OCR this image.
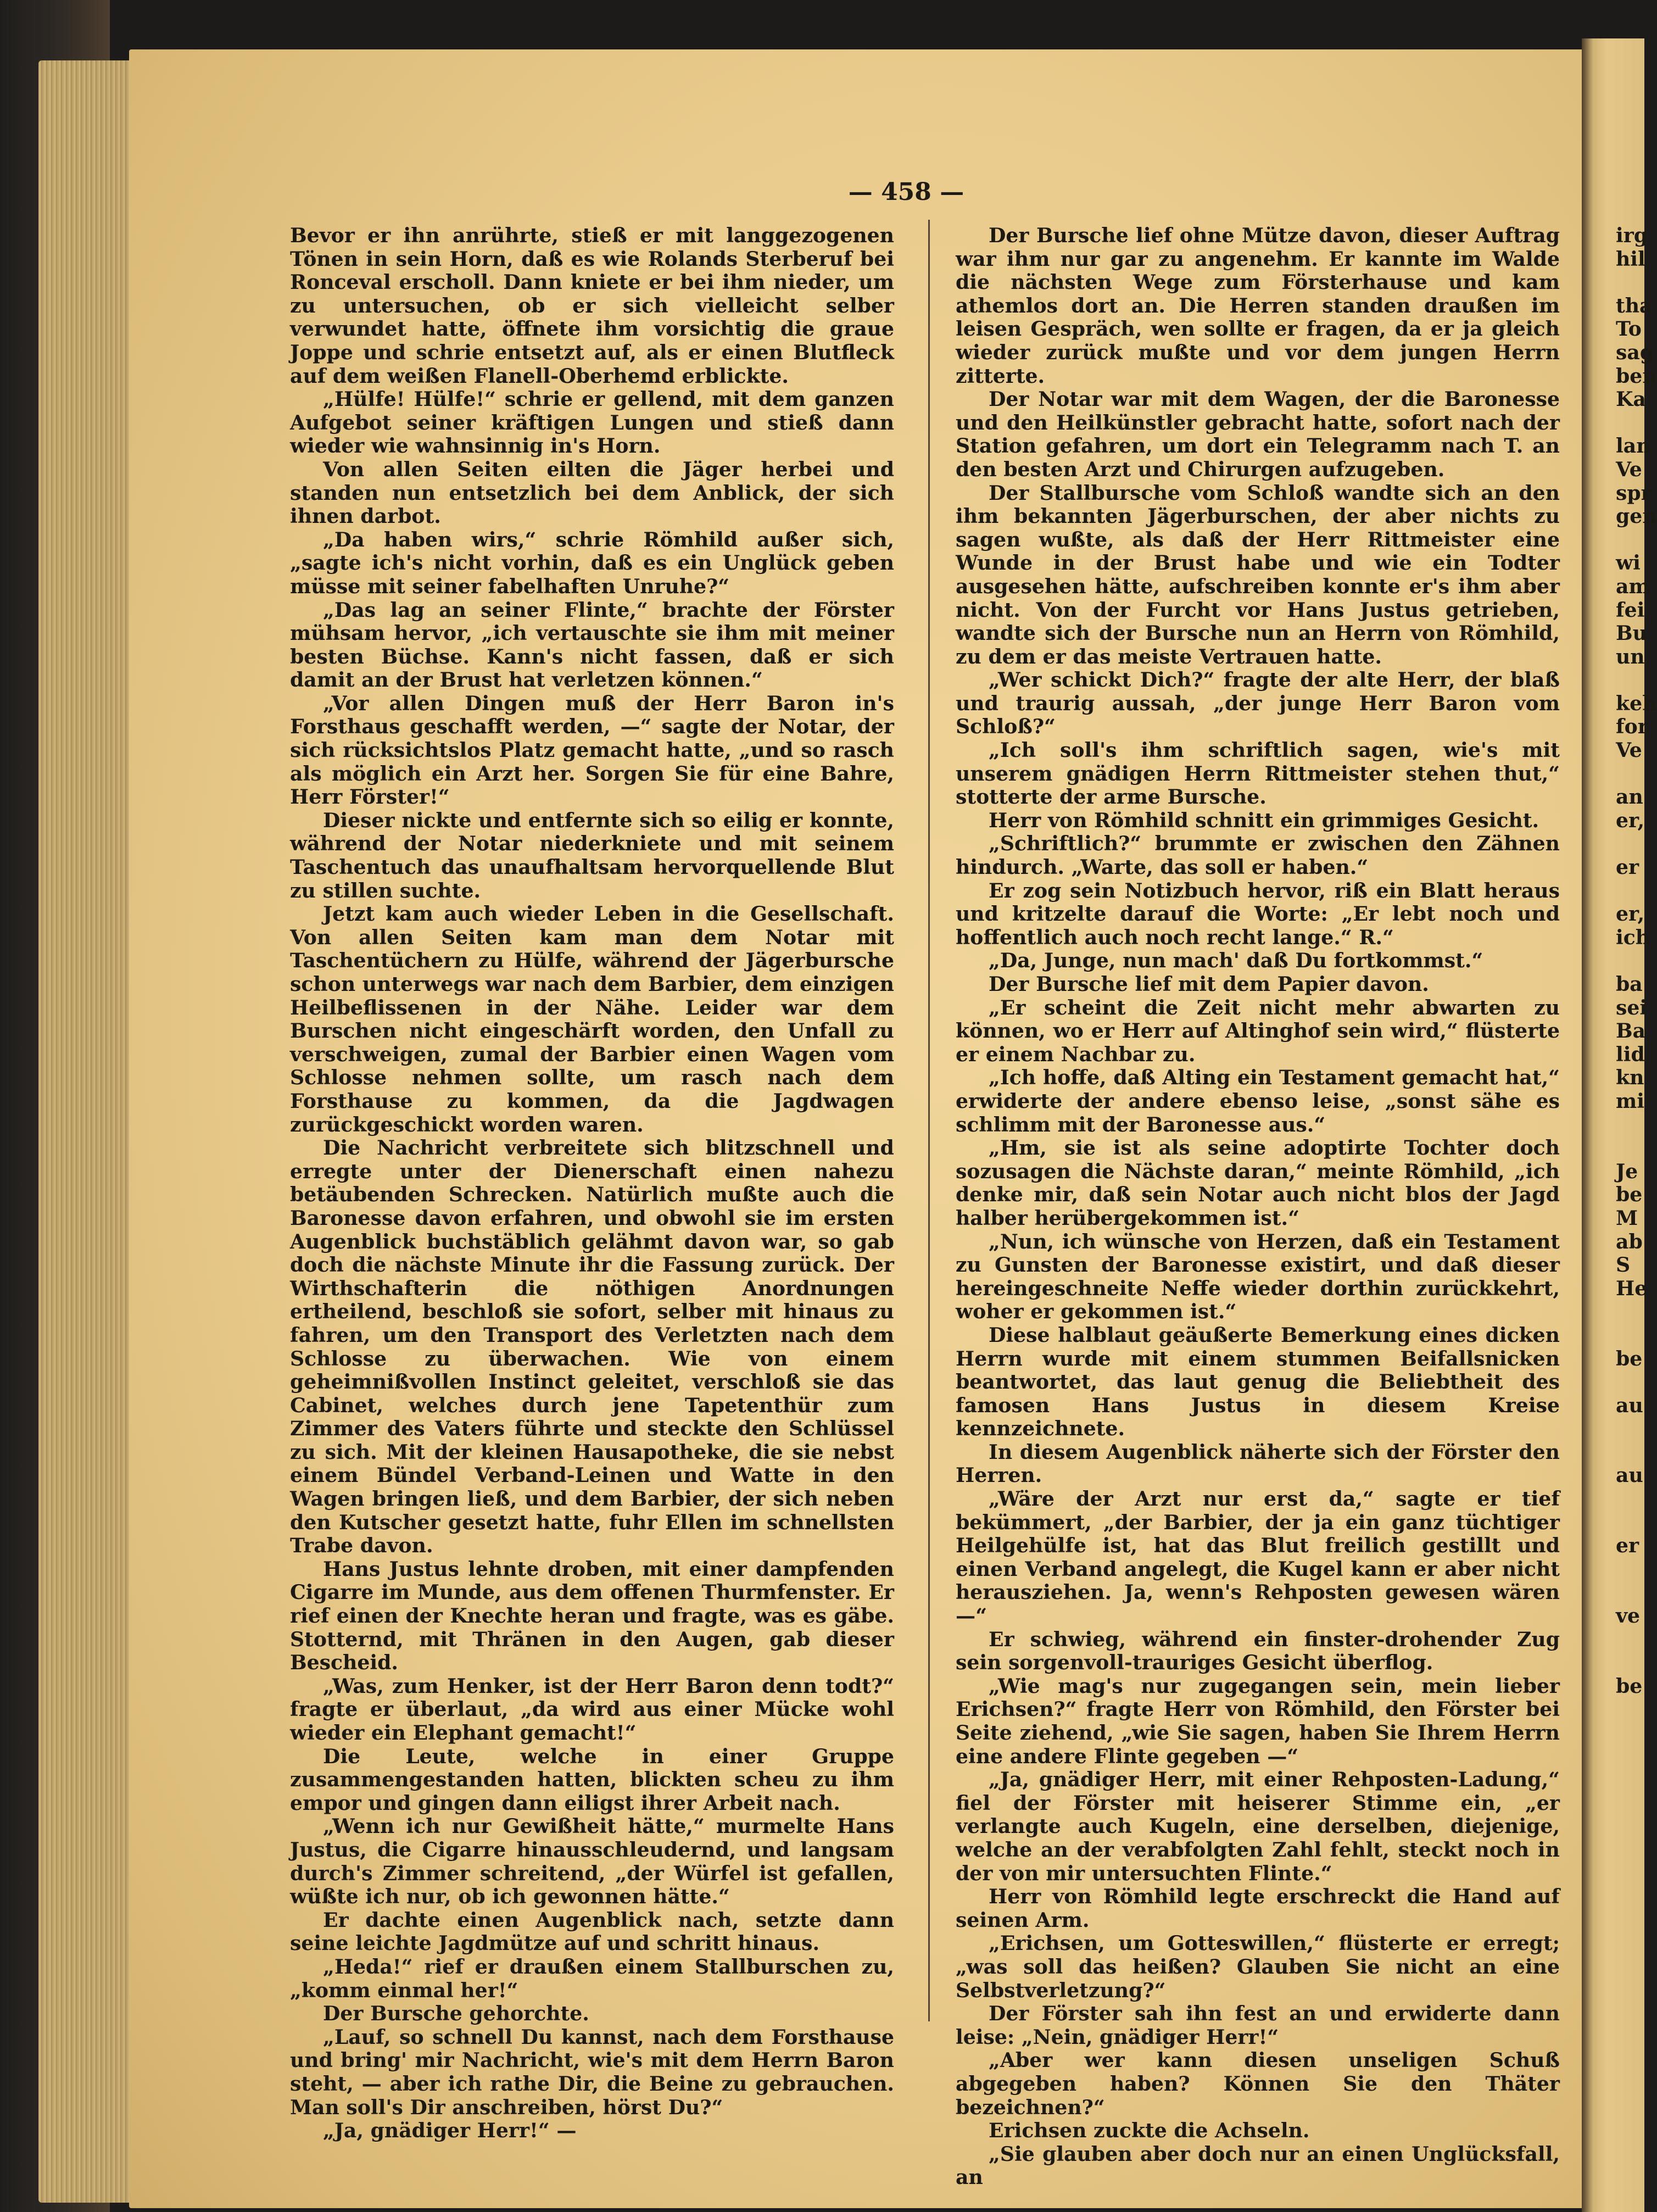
— 458 —

Bevor er ihn anrührte, stieß er mit langgezogenen Tönen in sein Horn, daß es wie Rolands Sterberuf bei Ronceval erscholl. Dann kniete er bei ihm nieder, um zu untersuchen, ob er sich vielleicht selber verwundet hatte, öffnete ihm vorsichtig die graue Joppe und schrie entsetzt auf, als er einen Blutfleck auf dem weißen Flanell-Oberhemd erblickte.

„Hülfe! Hülfe!“ schrie er gellend, mit dem ganzen Aufgebot seiner kräftigen Lungen und stieß dann wieder wie wahnsinnig in's Horn.

Von allen Seiten eilten die Jäger herbei und standen nun entsetzlich bei dem Anblick, der sich ihnen darbot.

„Da haben wirs,“ schrie Römhild außer sich, „sagte ich's nicht vorhin, daß es ein Unglück geben müsse mit seiner fabelhaften Unruhe?“

„Das lag an seiner Flinte,“ brachte der Förster mühsam hervor, „ich vertauschte sie ihm mit meiner besten Büchse. Kann's nicht fassen, daß er sich damit an der Brust hat verletzen können.“

„Vor allen Dingen muß der Herr Baron in's Forsthaus geschafft werden, —“ sagte der Notar, der sich rücksichtslos Platz gemacht hatte, „und so rasch als möglich ein Arzt her. Sorgen Sie für eine Bahre, Herr Förster!“

Dieser nickte und entfernte sich so eilig er konnte, während der Notar niederkniete und mit seinem Taschentuch das unaufhaltsam hervorquellende Blut zu stillen suchte.

Jetzt kam auch wieder Leben in die Gesellschaft. Von allen Seiten kam man dem Notar mit Taschentüchern zu Hülfe, während der Jägerbursche schon unterwegs war nach dem Barbier, dem einzigen Heilbeflissenen in der Nähe. Leider war dem Burschen nicht eingeschärft worden, den Unfall zu verschweigen, zumal der Barbier einen Wagen vom Schlosse nehmen sollte, um rasch nach dem Forsthause zu kommen, da die Jagdwagen zurückgeschickt worden waren.

Die Nachricht verbreitete sich blitzschnell und erregte unter der Dienerschaft einen nahezu betäubenden Schrecken. Natürlich mußte auch die Baronesse davon erfahren, und obwohl sie im ersten Augenblick buchstäblich gelähmt davon war, so gab doch die nächste Minute ihr die Fassung zurück. Der Wirthschafterin die nöthigen Anordnungen ertheilend, beschloß sie sofort, selber mit hinaus zu fahren, um den Transport des Verletzten nach dem Schlosse zu überwachen. Wie von einem geheimnißvollen Instinct geleitet, verschloß sie das Cabinet, welches durch jene Tapetenthür zum Zimmer des Vaters führte und steckte den Schlüssel zu sich. Mit der kleinen Hausapotheke, die sie nebst einem Bündel Verband-Leinen und Watte in den Wagen bringen ließ, und dem Barbier, der sich neben den Kutscher gesetzt hatte, fuhr Ellen im schnellsten Trabe davon.

Hans Justus lehnte droben, mit einer dampfenden Cigarre im Munde, aus dem offenen Thurmfenster. Er rief einen der Knechte heran und fragte, was es gäbe. Stotternd, mit Thränen in den Augen, gab dieser Bescheid.

„Was, zum Henker, ist der Herr Baron denn todt?“ fragte er überlaut, „da wird aus einer Mücke wohl wieder ein Elephant gemacht!“

Die Leute, welche in einer Gruppe zusammengestanden hatten, blickten scheu zu ihm empor und gingen dann eiligst ihrer Arbeit nach.

„Wenn ich nur Gewißheit hätte,“ murmelte Hans Justus, die Cigarre hinausschleudernd, und langsam durch's Zimmer schreitend, „der Würfel ist gefallen, wüßte ich nur, ob ich gewonnen hätte.“

Er dachte einen Augenblick nach, setzte dann seine leichte Jagdmütze auf und schritt hinaus.

„Heda!“ rief er draußen einem Stallburschen zu, „komm einmal her!“

Der Bursche gehorchte.

„Lauf, so schnell Du kannst, nach dem Forsthause und bring' mir Nachricht, wie's mit dem Herrn Baron steht, — aber ich rathe Dir, die Beine zu gebrauchen. Man soll's Dir anschreiben, hörst Du?“

„Ja, gnädiger Herr!“ —

Der Bursche lief ohne Mütze davon, dieser Auftrag war ihm nur gar zu angenehm. Er kannte im Walde die nächsten Wege zum Försterhause und kam athemlos dort an. Die Herren standen draußen im leisen Gespräch, wen sollte er fragen, da er ja gleich wieder zurück mußte und vor dem jungen Herrn zitterte.

Der Notar war mit dem Wagen, der die Baronesse und den Heilkünstler gebracht hatte, sofort nach der Station gefahren, um dort ein Telegramm nach T. an den besten Arzt und Chirurgen aufzugeben.

Der Stallbursche vom Schloß wandte sich an den ihm bekannten Jägerburschen, der aber nichts zu sagen wußte, als daß der Herr Rittmeister eine Wunde in der Brust habe und wie ein Todter ausgesehen hätte, aufschreiben konnte er's ihm aber nicht. Von der Furcht vor Hans Justus getrieben, wandte sich der Bursche nun an Herrn von Römhild, zu dem er das meiste Vertrauen hatte.

„Wer schickt Dich?“ fragte der alte Herr, der blaß und traurig aussah, „der junge Herr Baron vom Schloß?“

„Ich soll's ihm schriftlich sagen, wie's mit unserem gnädigen Herrn Rittmeister stehen thut,“ stotterte der arme Bursche.

Herr von Römhild schnitt ein grimmiges Gesicht.

„Schriftlich?“ brummte er zwischen den Zähnen hindurch. „Warte, das soll er haben.“

Er zog sein Notizbuch hervor, riß ein Blatt heraus und kritzelte darauf die Worte: „Er lebt noch und hoffentlich auch noch recht lange.“ R.“

„Da, Junge, nun mach' daß Du fortkommst.“

Der Bursche lief mit dem Papier davon.

„Er scheint die Zeit nicht mehr abwarten zu können, wo er Herr auf Altinghof sein wird,“ flüsterte er einem Nachbar zu.

„Ich hoffe, daß Alting ein Testament gemacht hat,“ erwiderte der andere ebenso leise, „sonst sähe es schlimm mit der Baronesse aus.“

„Hm, sie ist als seine adoptirte Tochter doch sozusagen die Nächste daran,“ meinte Römhild, „ich denke mir, daß sein Notar auch nicht blos der Jagd halber herübergekommen ist.“

„Nun, ich wünsche von Herzen, daß ein Testament zu Gunsten der Baronesse existirt, und daß dieser hereingeschneite Neffe wieder dorthin zurückkehrt, woher er gekommen ist.“

Diese halblaut geäußerte Bemerkung eines dicken Herrn wurde mit einem stummen Beifallsnicken beantwortet, das laut genug die Beliebtheit des famosen Hans Justus in diesem Kreise kennzeichnete.

In diesem Augenblick näherte sich der Förster den Herren.

„Wäre der Arzt nur erst da,“ sagte er tief bekümmert, „der Barbier, der ja ein ganz tüchtiger Heilgehülfe ist, hat das Blut freilich gestillt und einen Verband angelegt, die Kugel kann er aber nicht herausziehen. Ja, wenn's Rehposten gewesen wären —“

Er schwieg, während ein finster-drohender Zug sein sorgenvoll-trauriges Gesicht überflog.

„Wie mag's nur zugegangen sein, mein lieber Erichsen?“ fragte Herr von Römhild, den Förster bei Seite ziehend, „wie Sie sagen, haben Sie Ihrem Herrn eine andere Flinte gegeben —“

„Ja, gnädiger Herr, mit einer Rehposten-Ladung,“ fiel der Förster mit heiserer Stimme ein, „er verlangte auch Kugeln, eine derselben, diejenige, welche an der verabfolgten Zahl fehlt, steckt noch in der von mir untersuchten Flinte.“

Herr von Römhild legte erschreckt die Hand auf seinen Arm.

„Erichsen, um Gotteswillen,“ flüsterte er erregt; „was soll das heißen? Glauben Sie nicht an eine Selbstverletzung?“

Der Förster sah ihn fest an und erwiderte dann leise: „Nein, gnädiger Herr!“

„Aber wer kann diesen unseligen Schuß abgegeben haben? Können Sie den Thäter bezeichnen?“

Erichsen zuckte die Achseln.

„Sie glauben aber doch nur an einen Unglücksfall, an

irg
hil
tha
To
sag
ben
Ka
lan
Ve
spr
gen
wi
am
fei
Bu
un
keh
for
Ve
an
er,
er
er,
ich
ba
sei
Ba
lid
kn
mi
Je
be
M
ab
S
He
be
au
au
er
ve
be
